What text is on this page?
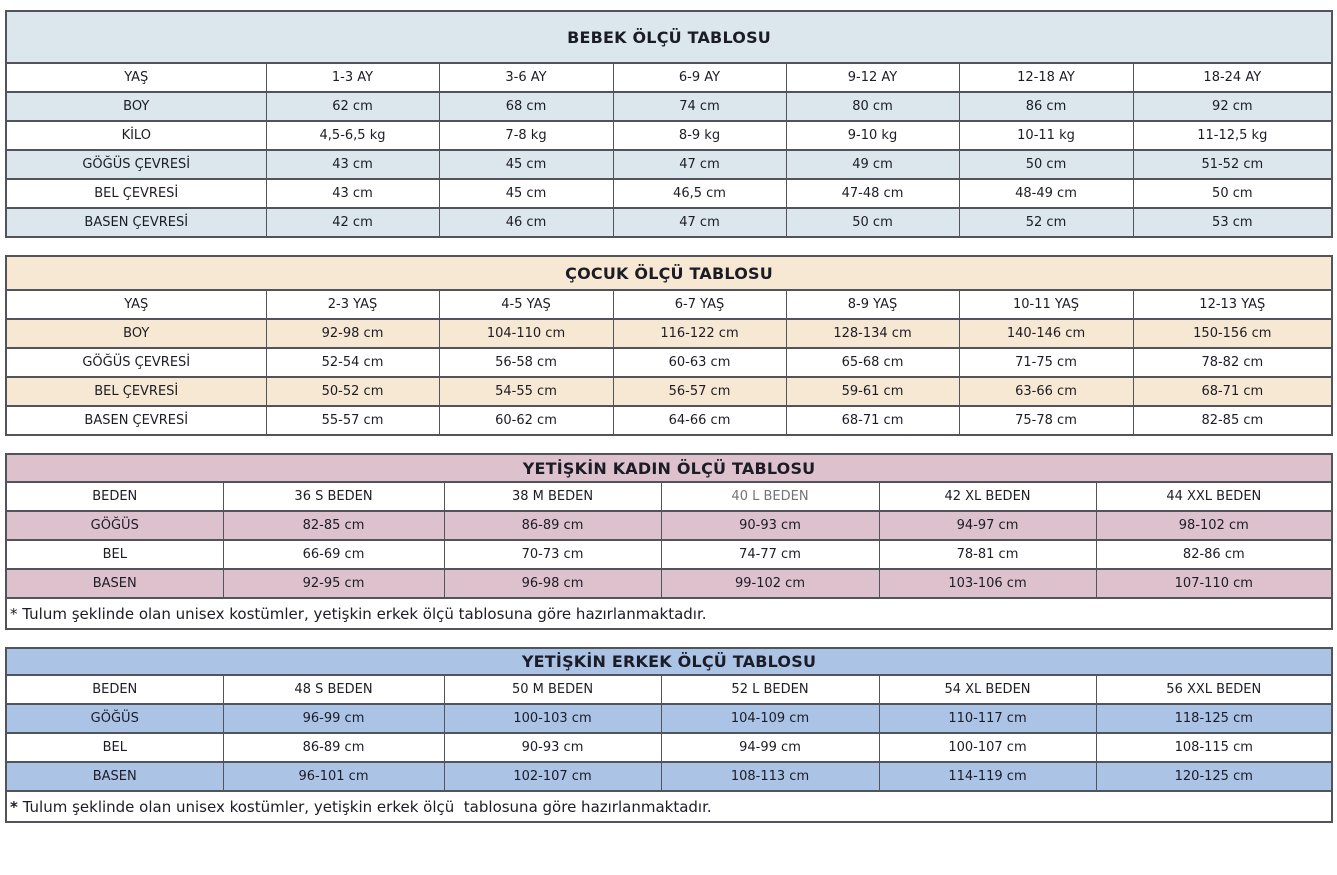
BEBEK ÖLÇÜ TABLOSU						
YAŞ	1-3 AY	3-6 AY	6-9 AY	9-12 AY	12-18 AY	18-24 AY
BOY	62 cm	68 cm	74 cm	80 cm	86 cm	92 cm
KİLO	4,5-6,5 kg	7-8 kg	8-9 kg	9-10 kg	10-11 kg	11-12,5 kg
GÖĞÜS ÇEVRESİ	43 cm	45 cm	47 cm	49 cm	50 cm	51-52 cm
BEL ÇEVRESİ	43 cm	45 cm	46,5 cm	47-48 cm	48-49 cm	50 cm
BASEN ÇEVRESİ	42 cm	46 cm	47 cm	50 cm	52 cm	53 cm
ÇOCUK ÖLÇÜ TABLOSU						
YAŞ	2-3 YAŞ	4-5 YAŞ	6-7 YAŞ	8-9 YAŞ	10-11 YAŞ	12-13 YAŞ
BOY	92-98 cm	104-110 cm	116-122 cm	128-134 cm	140-146 cm	150-156 cm
GÖĞÜS ÇEVRESİ	52-54 cm	56-58 cm	60-63 cm	65-68 cm	71-75 cm	78-82 cm
BEL ÇEVRESİ	50-52 cm	54-55 cm	56-57 cm	59-61 cm	63-66 cm	68-71 cm
BASEN ÇEVRESİ	55-57 cm	60-62 cm	64-66 cm	68-71 cm	75-78 cm	82-85 cm
YETİŞKİN KADIN ÖLÇÜ TABLOSU					
BEDEN	36 S BEDEN	38 M BEDEN	40 L BEDEN	42 XL BEDEN	44 XXL BEDEN
GÖĞÜS	82-85 cm	86-89 cm	90-93 cm	94-97 cm	98-102 cm
BEL	66-69 cm	70-73 cm	74-77 cm	78-81 cm	82-86 cm
BASEN	92-95 cm	96-98 cm	99-102 cm	103-106 cm	107-110 cm
* Tulum şeklinde olan unisex kostümler, yetişkin erkek ölçü tablosuna göre hazırlanmaktadır.					
YETİŞKİN ERKEK ÖLÇÜ TABLOSU					
BEDEN	48 S BEDEN	50 M BEDEN	52 L BEDEN	54 XL BEDEN	56 XXL BEDEN
GÖĞÜS	96-99 cm	100-103 cm	104-109 cm	110-117 cm	118-125 cm
BEL	86-89 cm	90-93 cm	94-99 cm	100-107 cm	108-115 cm
BASEN	96-101 cm	102-107 cm	108-113 cm	114-119 cm	120-125 cm
* Tulum şeklinde olan unisex kostümler, yetişkin erkek ölçü  tablosuna göre hazırlanmaktadır.					
